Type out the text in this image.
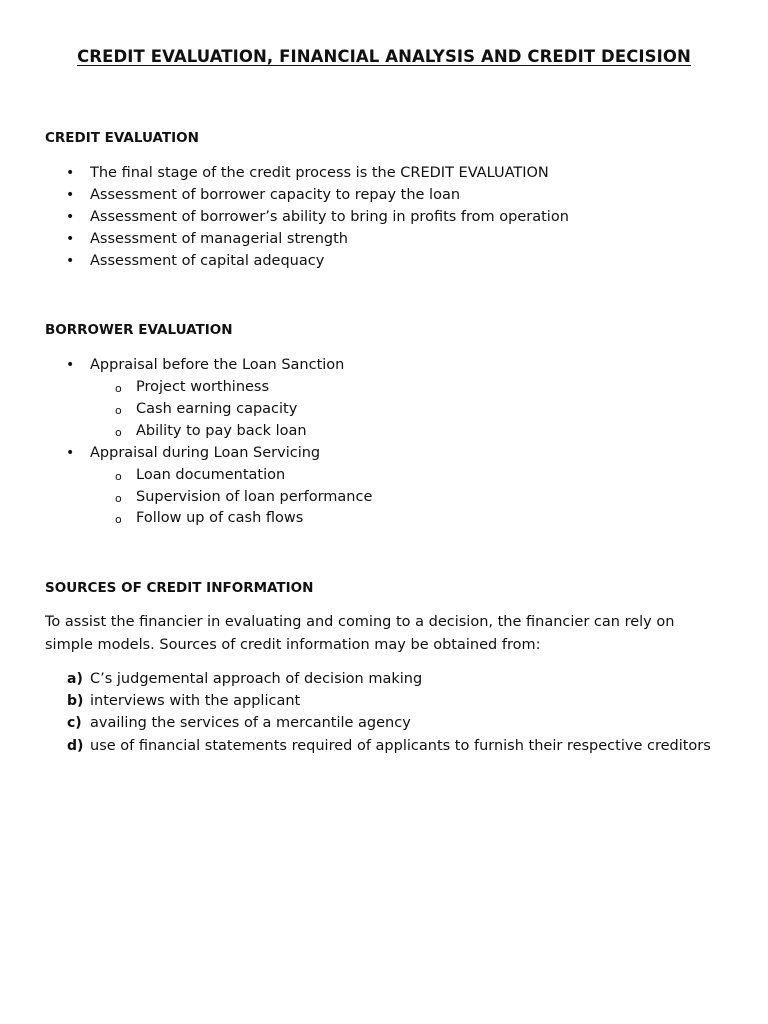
CREDIT EVALUATION, FINANCIAL ANALYSIS AND CREDIT DECISION
CREDIT EVALUATION
• The final stage of the credit process is the CREDIT EVALUATION
• Assessment of borrower capacity to repay the loan
• Assessment of borrower’s ability to bring in profits from operation
• Assessment of managerial strength
• Assessment of capital adequacy
BORROWER EVALUATION
• Appraisal before the Loan Sanction
o Project worthiness
o Cash earning capacity
o Ability to pay back loan
• Appraisal during Loan Servicing
o Loan documentation
o Supervision of loan performance
o Follow up of cash flows
SOURCES OF CREDIT INFORMATION
To assist the financier in evaluating and coming to a decision, the financier can rely on
simple models. Sources of credit information may be obtained from:
a) C’s judgemental approach of decision making
b) interviews with the applicant
c) availing the services of a mercantile agency
d) use of financial statements required of applicants to furnish their respective creditors
